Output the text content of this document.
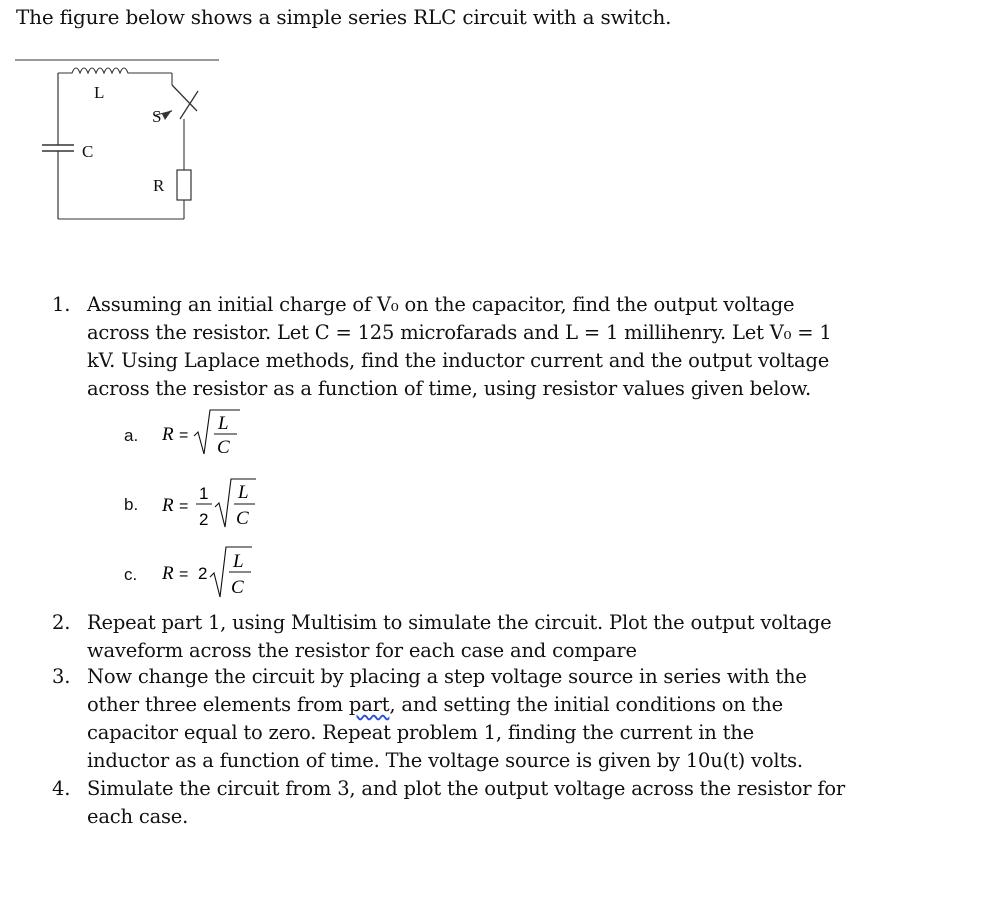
The figure below shows a simple series RLC circuit with a switch.
L
S
C
R
1. Assuming an initial charge of V₀ on the capacitor, find the output voltage
across the resistor. Let C = 125 microfarads and L = 1 millihenry. Let V₀ = 1
kV. Using Laplace methods, find the inductor current and the output voltage
across the resistor as a function of time, using resistor values given below.
a. R =
L
C
b. R =
1
2
L
C
c. R = 2
L
C
2. Repeat part 1, using Multisim to simulate the circuit. Plot the output voltage
waveform across the resistor for each case and compare
3. Now change the circuit by placing a step voltage source in series with the
other three elements from part, and setting the initial conditions on the
capacitor equal to zero. Repeat problem 1, finding the current in the
inductor as a function of time. The voltage source is given by 10u(t) volts.
4. Simulate the circuit from 3, and plot the output voltage across the resistor for
each case.
